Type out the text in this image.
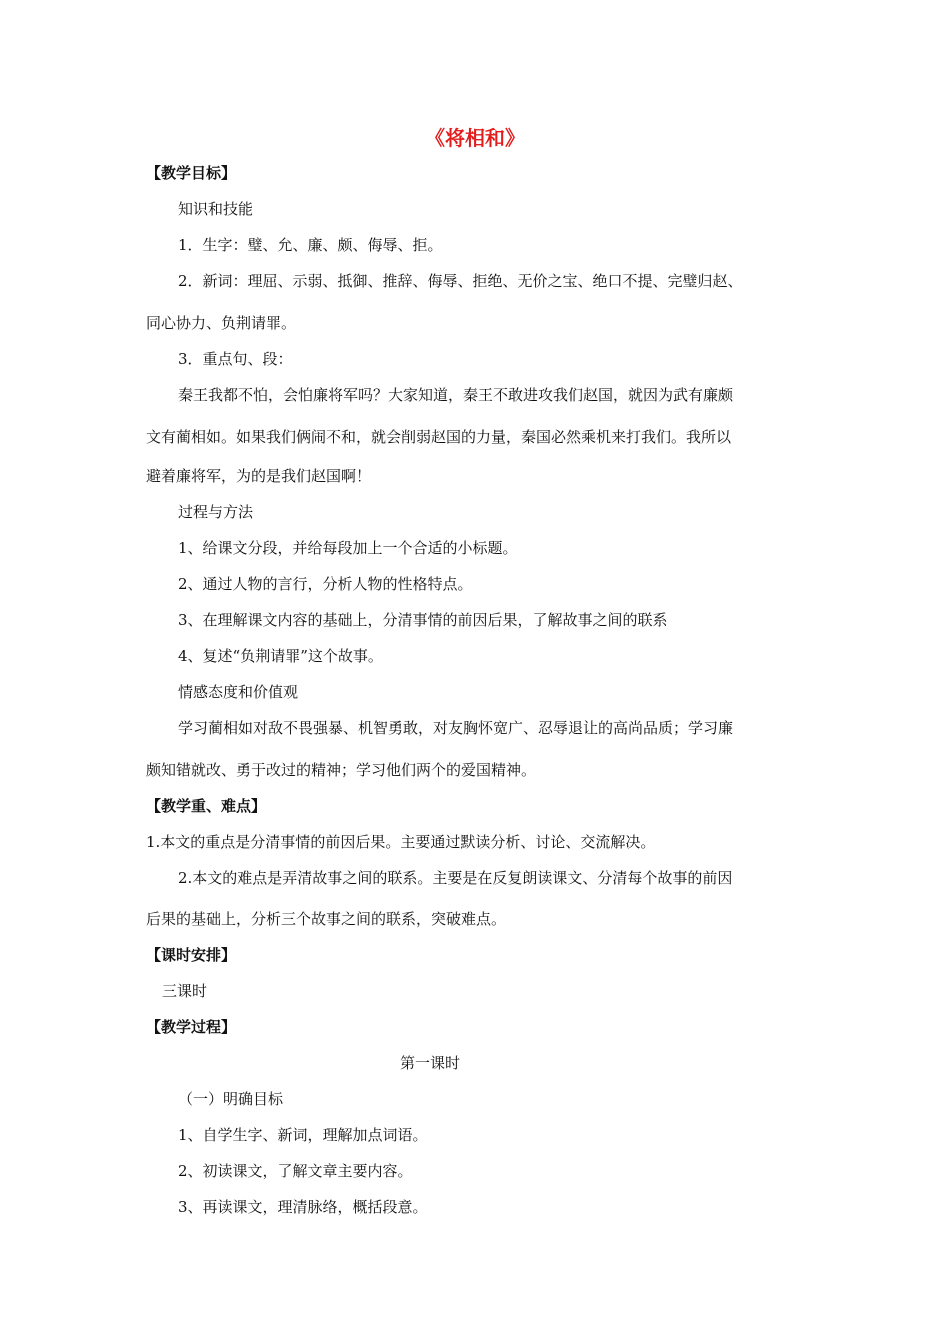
《将相和》
【教学目标】
知识和技能
1．生字：璧、允、廉、颇、侮辱、拒。
2．新词：理屈、示弱、抵御、推辞、侮辱、拒绝、无价之宝、绝口不提、完璧归赵、
同心协力、负荆请罪。
3．重点句、段：
秦王我都不怕，会怕廉将军吗？大家知道，秦王不敢进攻我们赵国，就因为武有廉颇
文有蔺相如。如果我们俩闹不和，就会削弱赵国的力量，秦国必然乘机来打我们。我所以
避着廉将军，为的是我们赵国啊！
过程与方法
1、给课文分段，并给每段加上一个合适的小标题。
2、通过人物的言行，分析人物的性格特点。
3、在理解课文内容的基础上，分清事情的前因后果，了解故事之间的联系
4、复述“负荆请罪”这个故事。
情感态度和价值观
学习蔺相如对敌不畏强暴、机智勇敢，对友胸怀宽广、忍辱退让的高尚品质；学习廉
颇知错就改、勇于改过的精神；学习他们两个的爱国精神。
【教学重、难点】
1.本文的重点是分清事情的前因后果。主要通过默读分析、讨论、交流解决。
2.本文的难点是弄清故事之间的联系。主要是在反复朗读课文、分清每个故事的前因
后果的基础上，分析三个故事之间的联系，突破难点。
【课时安排】
三课时
【教学过程】
第一课时
（一）明确目标
1、自学生字、新词，理解加点词语。
2、初读课文，了解文章主要内容。
3、再读课文，理清脉络，概括段意。
